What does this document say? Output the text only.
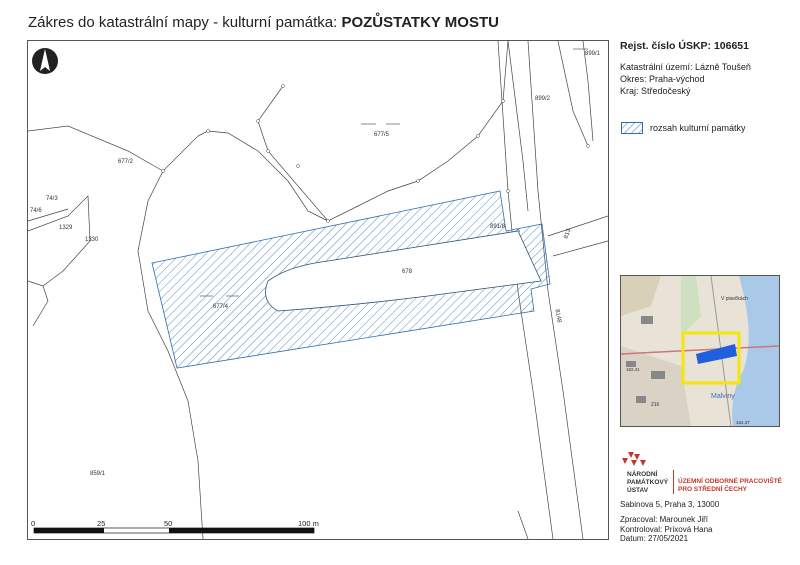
Zákres do katastrální mapy - kulturní památka: POZŮSTATKY MOSTU
899/1
899/2
677/5
677/2
74/3
74/6
1329
1330
891/8
813
678
677/4
8148
859/1
0	25	50	100 m
Rejst. číslo ÚSKP: 106651
Katastrální území: Lázně Toušeň
Okres: Praha-východ
Kraj: Středočeský
rozsah kulturní památky
Malviny
V pisečkách
216
182,41
164,37
NÁRODNÍ
PAMÁTKOVÝ
ÚSTAV
ÚZEMNÍ ODBORNÉ PRACOVIŠTĚ
PRO STŘEDNÍ ČECHY
Sabinova 5, Praha 3, 13000
Zpracoval: Marounek Jiří
Kontroloval: Prixová Hana
Datum: 27/05/2021
